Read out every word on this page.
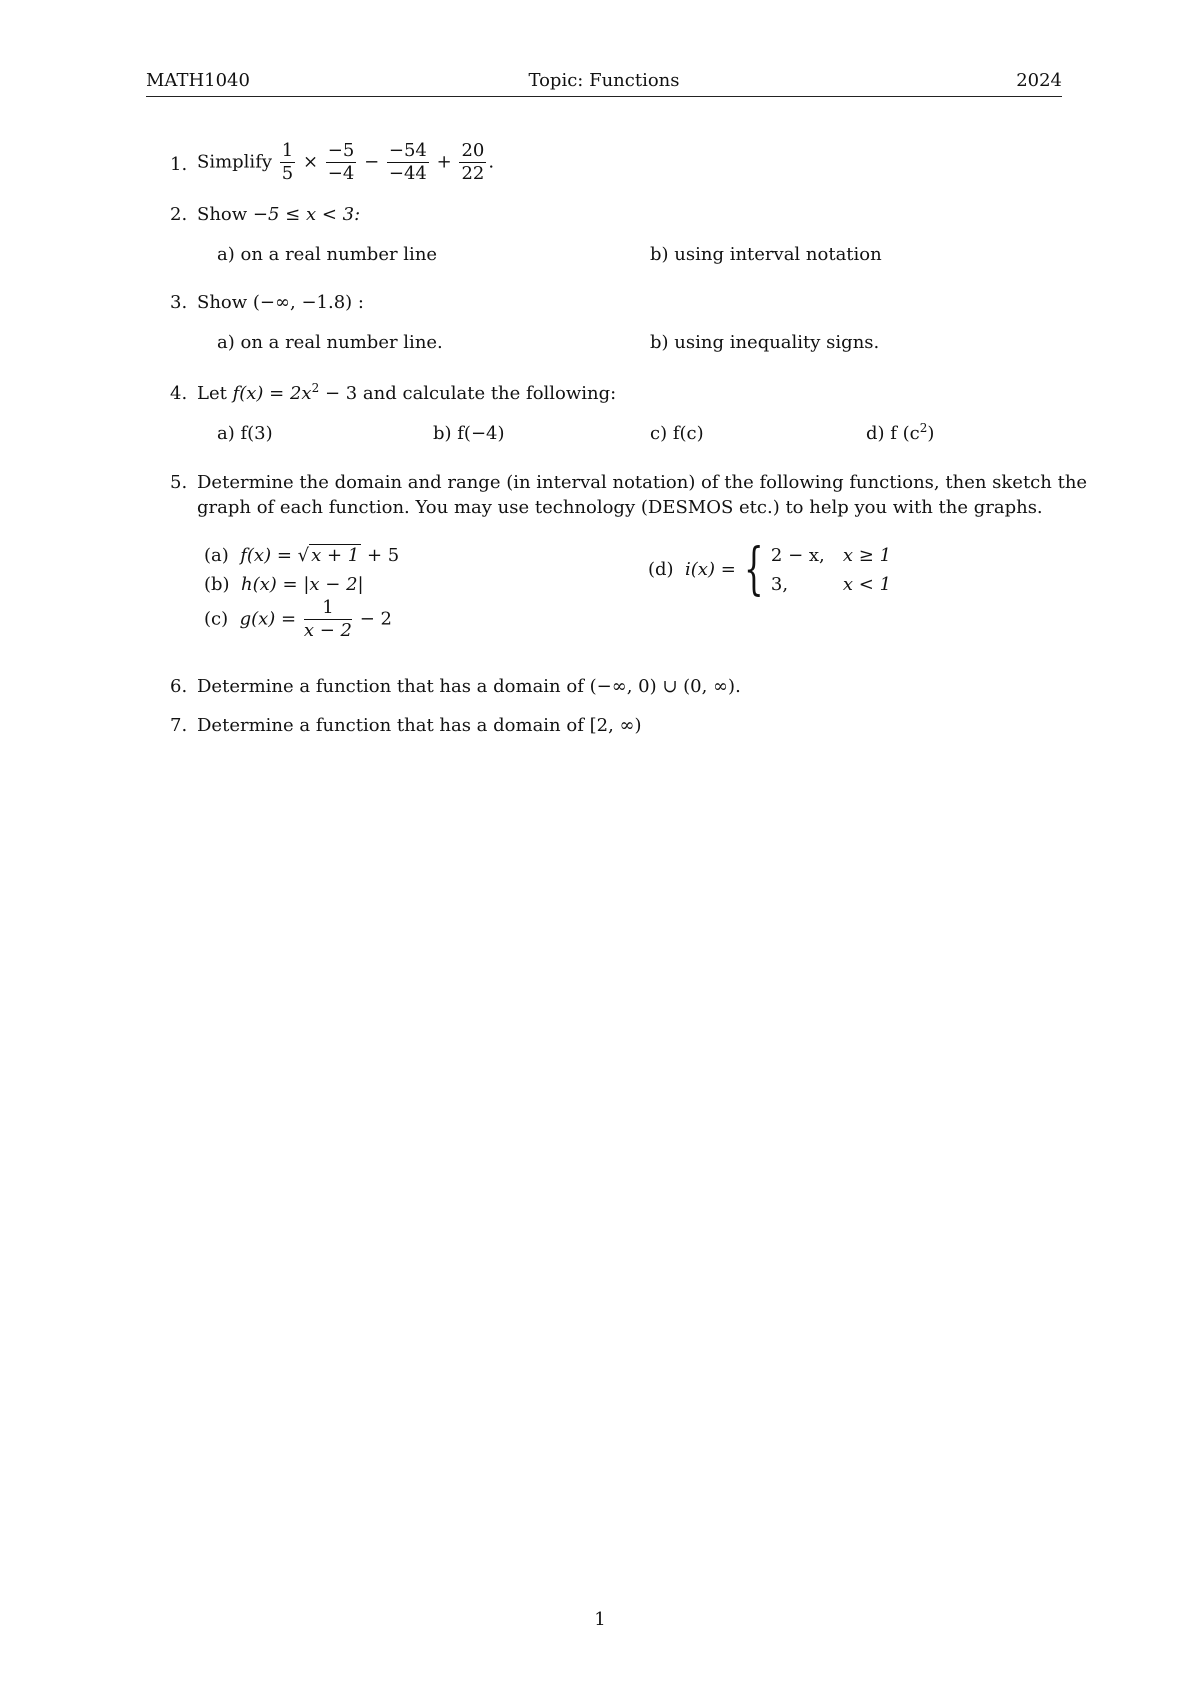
MATH1040	Topic: Functions	2024
1. Simplify $\frac{1}{5} \times \frac{-5}{-4} - \frac{-54}{-44} + \frac{20}{22}$ .
2. Show −5 ≤ x < 3:
a) on a real number line	b) using interval notation
3. Show (−∞, −1.8) :
a) on a real number line.	b) using inequality signs.
4. Let $f(x) = 2x^2 - 3$ and calculate the following:
a) f(3)	b) f(−4)	c) f(c)	d) f $(c^2)$
5. Determine the domain and range (in interval notation) of the following functions, then sketch the
graph of each function. You may use technology (DESMOS etc.) to help you with the graphs.
(a) f(x) = √ x + 1 + 5
(b) h(x) = |x − 2|
(c) $g(x) = \frac{1}{x - 2} - 2$
(d) i(x) = { 2 − x, x ≥ 1
3,	x < 1
6. Determine a function that has a domain of (−∞, 0) ∪ (0, ∞).
7. Determine a function that has a domain of [2, ∞)
1
